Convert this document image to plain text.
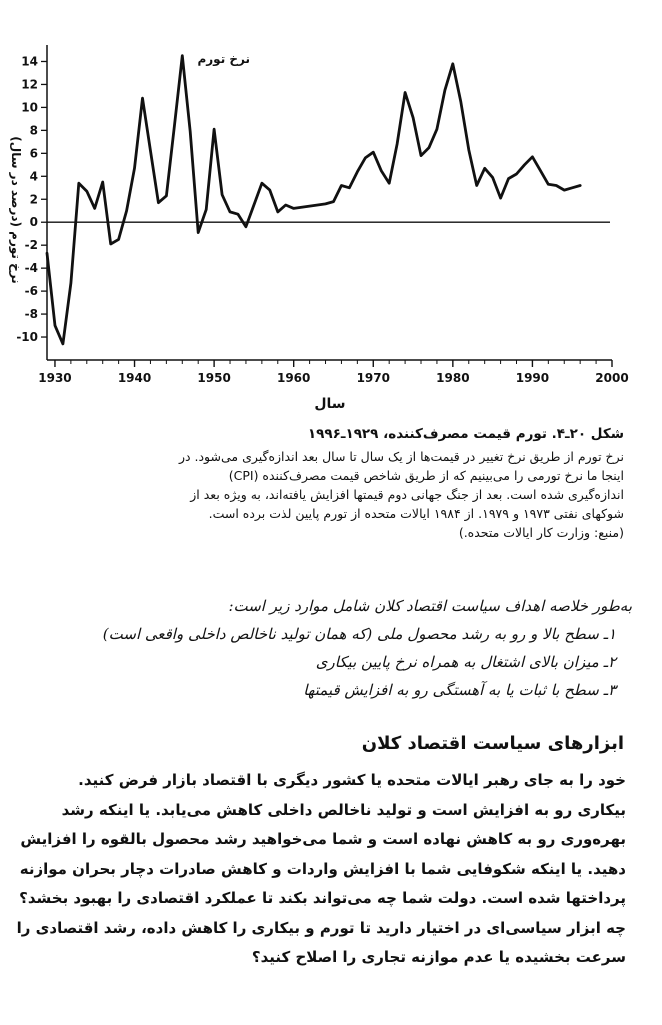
14
12
10
8
6
4
2
0
-2
-4
-6
-8
-10
1930	1940	1950	1960	1970	1980	1990	2000
نرخ تورم
سال
نرخ تورم (درصد در سال)
شکل ۲۰ـ۴. تورم قیمت مصرف‌کننده، ۱۹۲۹ـ۱۹۹۶
نرخ تورم از طریق نرخ تغییر در قیمت‌ها از یک سال تا سال بعد اندازه‌گیری می‌شود. در
اینجا ما نرخ تورمی را می‌بینیم که از طریق شاخص قیمت مصرف‌کننده (CPI)
اندازه‌گیری شده است. بعد از جنگ جهانی دوم قیمتها افزایش یافته‌اند، به ویژه بعد از
شوکهای نفتی ۱۹۷۳ و ۱۹۷۹. از ۱۹۸۴ ایالات متحده از تورم پایین لذت برده است.
(منبع: وزارت کار ایالات متحده.)
به‌طور خلاصه اهداف سیاست اقتصاد کلان شامل موارد زیر است:
۱ـ سطح بالا و رو به رشد محصول ملی (که همان تولید ناخالص داخلی واقعی است)
۲ـ میزان بالای اشتغال به همراه نرخ پایین بیکاری
۳ـ سطح با ثبات یا به آهستگی رو به افزایش قیمتها
ابزارهای سیاست اقتصاد کلان
خود را به جای رهبر ایالات متحده یا کشور دیگری با اقتصاد بازار فرض کنید.
بیکاری رو به افزایش است و تولید ناخالص داخلی کاهش می‌یابد. یا اینکه رشد
بهره‌وری رو به کاهش نهاده است و شما می‌خواهید رشد محصول بالقوه را افزایش
دهید. یا اینکه شکوفایی شما با افزایش واردات و کاهش صادرات دچار بحران موازنه
پرداختها شده است. دولت شما چه می‌تواند بکند تا عملکرد اقتصادی را بهبود بخشد؟
چه ابزار سیاسی‌ای در اختیار دارید تا تورم و بیکاری را کاهش داده، رشد اقتصادی را
سرعت بخشیده یا عدم موازنه تجاری را اصلاح کنید؟
